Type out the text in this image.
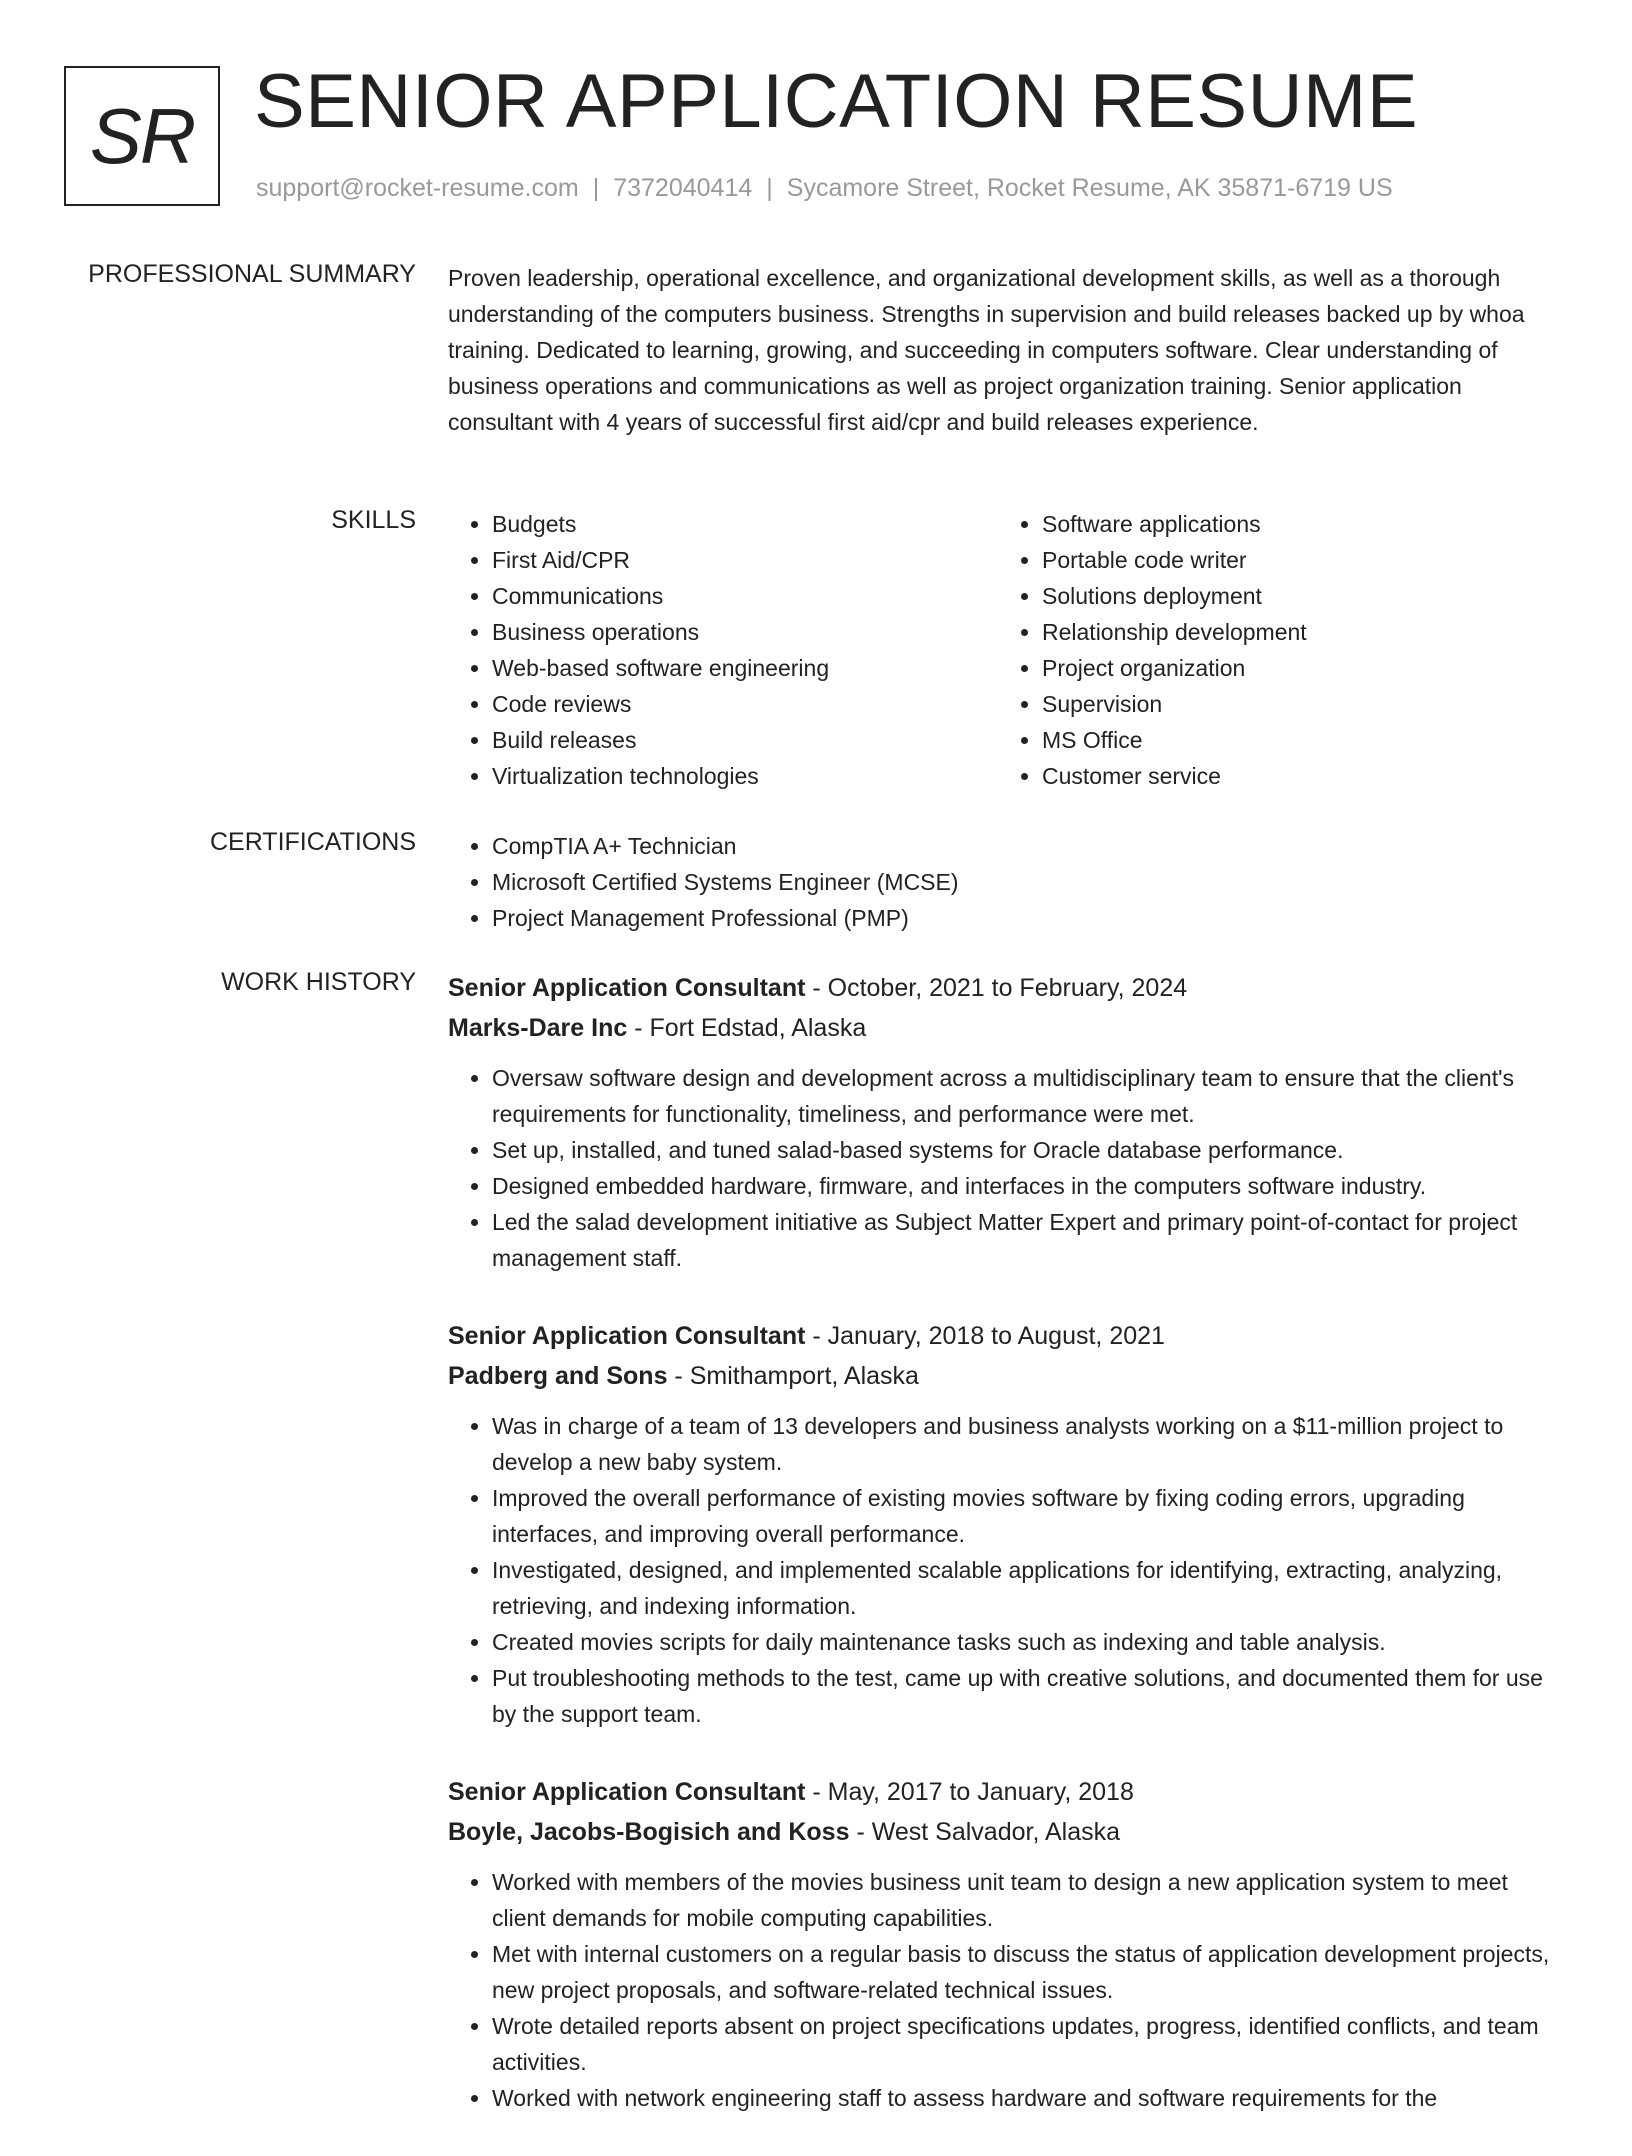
SR SENIOR APPLICATION RESUME
support@rocket-resume.com | 7372040414 | Sycamore Street, Rocket Resume, AK 35871-6719 US
PROFESSIONAL SUMMARY Proven leadership, operational excellence, and organizational development skills, as well as a thorough understanding of the computers business. Strengths in supervision and build releases backed up by whoa training. Dedicated to learning, growing, and succeeding in computers software. Clear understanding of business operations and communications as well as project organization training. Senior application consultant with 4 years of successful first aid/cpr and build releases experience.

SKILLS	• Budgets
• First Aid/CPR
• Communications
• Business operations
• Web-based software engineering
• Code reviews
• Build releases
• Virtualization technologies
• Software applications
• Portable code writer
• Solutions deployment
• Relationship development
• Project organization
• Supervision
• MS Office
• Customer service
CERTIFICATIONS	• CompTIA A+ Technician
• Microsoft Certified Systems Engineer (MCSE)
• Project Management Professional (PMP)
WORK HISTORY Senior Application Consultant - October, 2021 to February, 2024
Marks-Dare Inc - Fort Edstad, Alaska
• Oversaw software design and development across a multidisciplinary team to ensure that the client's requirements for functionality, timeliness, and performance were met.
• Set up, installed, and tuned salad-based systems for Oracle database performance.
• Designed embedded hardware, firmware, and interfaces in the computers software industry.
• Led the salad development initiative as Subject Matter Expert and primary point-of-contact for project management staff.
Senior Application Consultant - January, 2018 to August, 2021
Padberg and Sons - Smithamport, Alaska
• Was in charge of a team of 13 developers and business analysts working on a $11-million project to develop a new baby system.
• Improved the overall performance of existing movies software by fixing coding errors, upgrading interfaces, and improving overall performance.
• Investigated, designed, and implemented scalable applications for identifying, extracting, analyzing, retrieving, and indexing information.
• Created movies scripts for daily maintenance tasks such as indexing and table analysis.
• Put troubleshooting methods to the test, came up with creative solutions, and documented them for use by the support team.
Senior Application Consultant - May, 2017 to January, 2018
Boyle, Jacobs-Bogisich and Koss - West Salvador, Alaska
• Worked with members of the movies business unit team to design a new application system to meet client demands for mobile computing capabilities.
• Met with internal customers on a regular basis to discuss the status of application development projects, new project proposals, and software-related technical issues.
• Wrote detailed reports absent on project specifications updates, progress, identified conflicts, and team activities.
• Worked with network engineering staff to assess hardware and software requirements for the
